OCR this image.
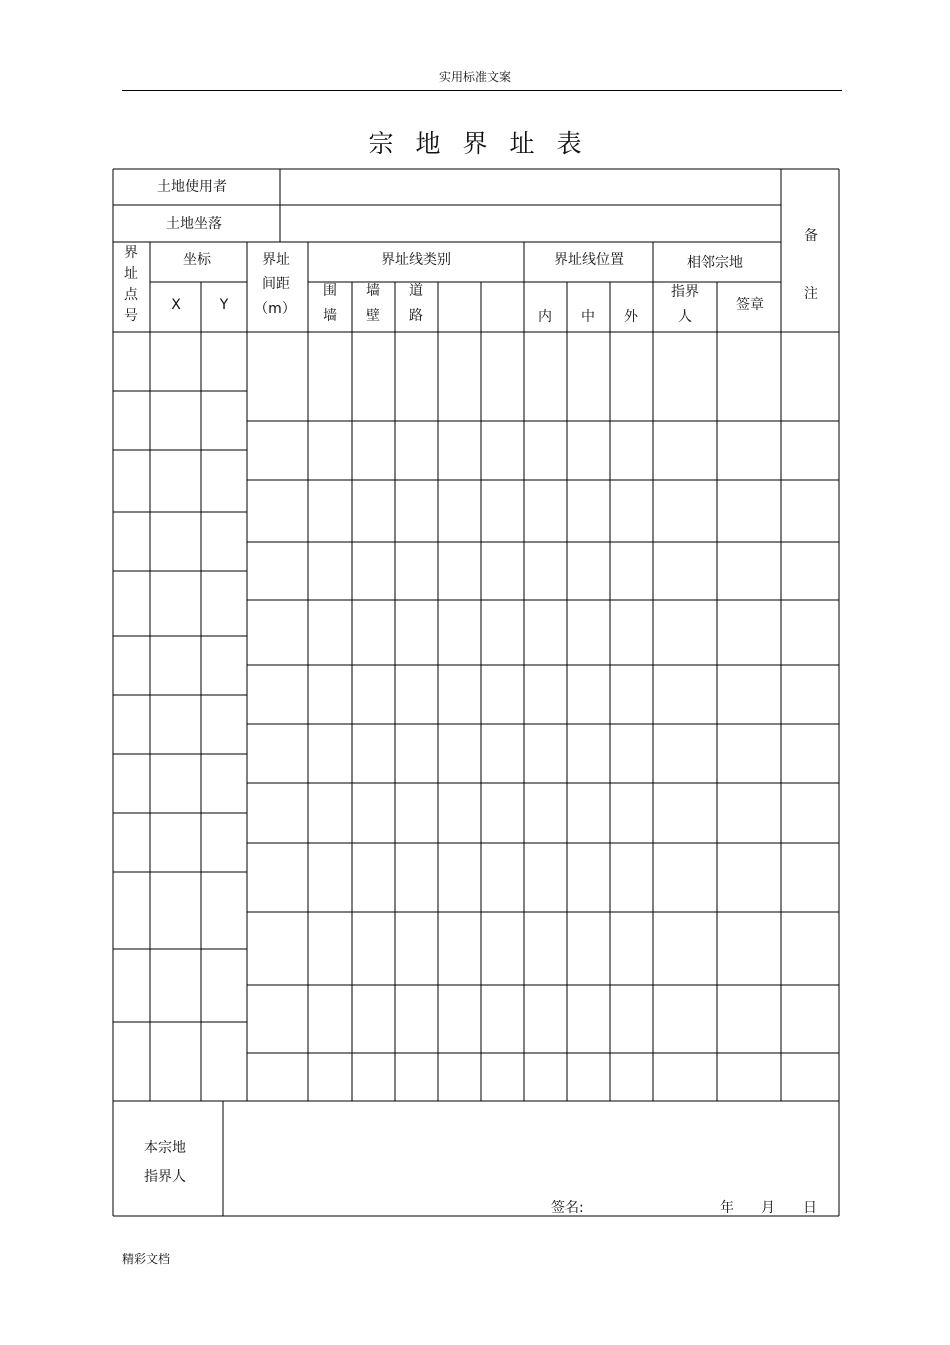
实用标准文案
宗地界址表
土地使用者
土地坐落
备
注
界址点号
坐标
X	Y
界址
间距
（m）
界址线类别
围墙
墙壁
道路
界址线位置
内 中 外
相邻宗地
指界
人
签章
本宗地
指界人
签名:	年 月 日
精彩文档
